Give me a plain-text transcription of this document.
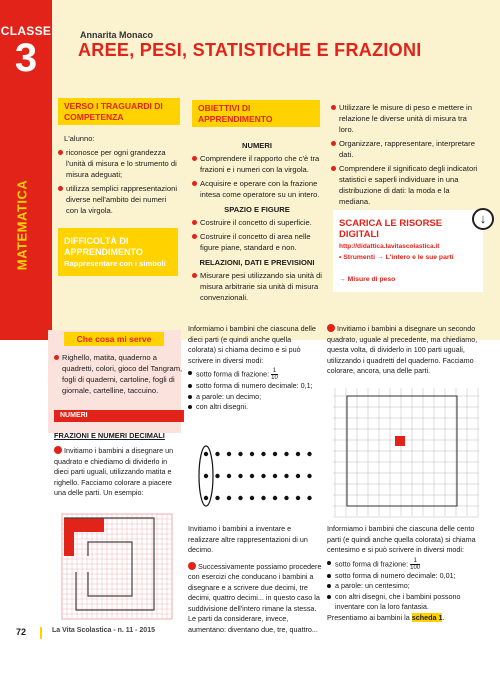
CLASSE
3
MATEMATICA
Annarita Monaco
AREE, PESI, STATISTICHE E FRAZIONI
VERSO I TRAGUARDI DI COMPETENZA

L'alunno:

riconosce per ogni grandezza l'unità di misura e lo strumento di misura adeguati;

utilizza semplici rappresentazioni diverse nell'ambito dei numeri con la virgola.

DIFFICOLTÀ DI APPRENDIMENTO
Rappresentare con i simboli
OBIETTIVI DI APPRENDIMENTO
NUMERI

Comprendere il rapporto che c'è tra frazioni e i numeri con la virgola.

Acquisire e operare con la frazione intesa come operatore su un intero.

SPAZIO E FIGURE

Costruire il concetto di superficie.

Costruire il concetto di area nelle figure piane, standard e non.

RELAZIONI, DATI E PREVISIONI

Misurare pesi utilizzando sia unità di misura arbitrarie sia unità di misura convenzionali.

Utilizzare le misure di peso e mettere in relazione le diverse unità di misura tra loro.

Organizzare, rappresentare, interpretare dati.

Comprendere il significato degli indicatori statistici e saperli individuare in una distribuzione di dati: la moda e la mediana.

SCARICA LE RISORSE DIGITALI
http://didattica.lavitascolastica.it
• Strumenti → L'intero e le sue parti
→ Misure di peso
↓
Che cosa mi serve
Righello, matita, quaderno a quadretti, colori, gioco del Tangram, fogli di quaderni, cartoline, fogli di giornale, cartelline, taccuino.
NUMERI
FRAZIONI E NUMERI DECIMALI
Invitiamo i bambini a disegnare un quadrato e chiediamo di dividerlo in dieci parti uguali, utilizzando matita e righello. Facciamo colorare a piacere una delle parti. Un esempio:

Informiamo i bambini che ciascuna delle dieci parti (e quindi anche quella colorata) si chiama decimo e si può scrivere in diversi modi:

sotto forma di frazione: $\frac{1}{10}$
sotto forma di numero decimale: 0,1;
a parole: un decimo;
con altri disegni.

Invitiamo i bambini a inventare e realizzare altre rappresentazioni di un decimo.

Successivamente possiamo procedere con esercizi che conducano i bambini a disegnare e a scrivere due decimi, tre decimi, quattro decimi... in questo caso la suddivisione dell'intero rimane la stessa. Le parti da considerare, invece, aumentano: diventano due, tre, quattro...

Invitiamo i bambini a disegnare un secondo quadrato, uguale al precedente, ma chiediamo, questa volta, di dividerlo in 100 parti uguali, utilizzando i quadretti del quaderno. Facciamo colorare, ancora, una delle parti.

Informiamo i bambini che ciascuna delle cento parti (e quindi anche quella colorata) si chiama centesimo e si può scrivere in diversi modi:

sotto forma di frazione: $\frac{1}{100}$
sotto forma di numero decimale: 0,01;
a parole: un centesimo;
con altri disegni, che i bambini possono inventare con la loro fantasia.
Presentiamo ai bambini la scheda 1.
72	La Vita Scolastica - n. 11 - 2015
